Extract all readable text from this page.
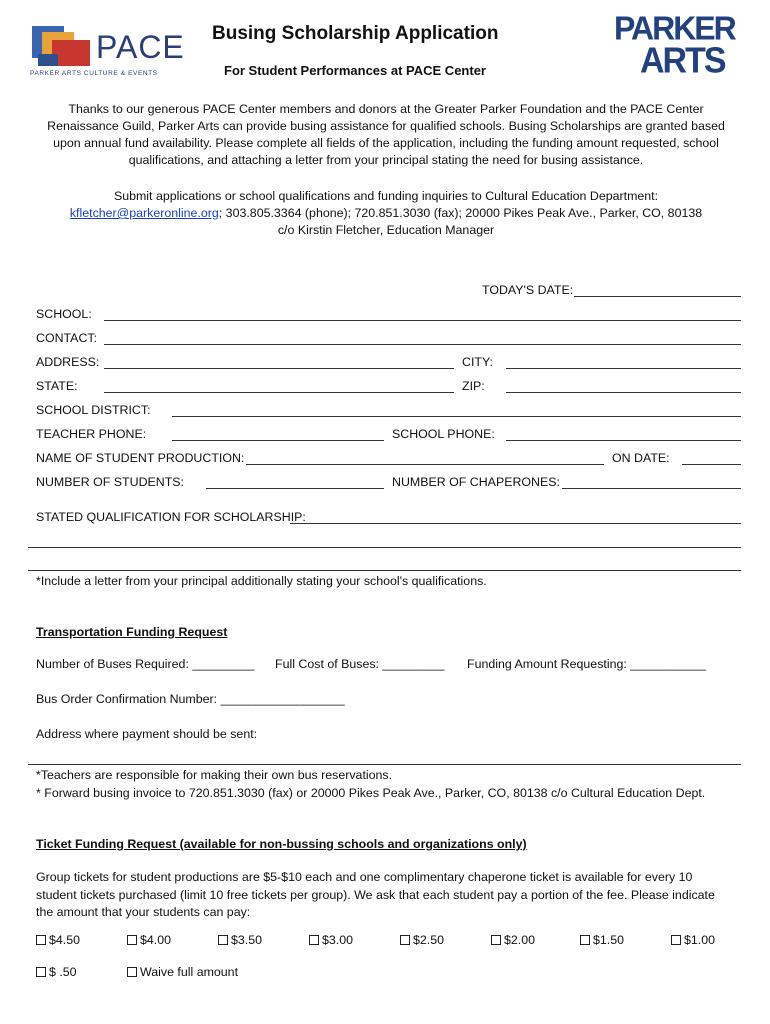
PACE
PARKER ARTS CULTURE & EVENTS
Busing Scholarship Application
For Student Performances at PACE Center
PARKER
ARTS
Thanks to our generous PACE Center members and donors at the Greater Parker Foundation and the PACE Center Renaissance Guild, Parker Arts can provide busing assistance for qualified schools. Busing Scholarships are granted based upon annual fund availability. Please complete all fields of the application, including the funding amount requested, school qualifications, and attaching a letter from your principal stating the need for busing assistance.
Submit applications or school qualifications and funding inquiries to Cultural Education Department:
kfletcher@parkeronline.org; 303.805.3364 (phone); 720.851.3030 (fax); 20000 Pikes Peak Ave., Parker, CO, 80138
c/o Kirstin Fletcher, Education Manager
TODAY'S DATE:
SCHOOL:
CONTACT:
ADDRESS:	CITY:
STATE:	ZIP:
SCHOOL DISTRICT:
TEACHER PHONE:	SCHOOL PHONE:
NAME OF STUDENT PRODUCTION:	ON DATE:
NUMBER OF STUDENTS:	NUMBER OF CHAPERONES:
STATED QUALIFICATION FOR SCHOLARSHIP:
*Include a letter from your principal additionally stating your school's qualifications.
Transportation Funding Request
Number of Buses Required: _________ Full Cost of Buses: _________ Funding Amount Requesting: ___________
Bus Order Confirmation Number: __________________
Address where payment should be sent:
*Teachers are responsible for making their own bus reservations.
* Forward busing invoice to 720.851.3030 (fax) or 20000 Pikes Peak Ave., Parker, CO, 80138 c/o Cultural Education Dept.
Ticket Funding Request (available for non-bussing schools and organizations only)
Group tickets for student productions are $5-$10 each and one complimentary chaperone ticket is available for every 10 student tickets purchased (limit 10 free tickets per group). We ask that each student pay a portion of the fee. Please indicate the amount that your students can pay:
$4.50	$4.00	$3.50	$3.00	$2.50	$2.00	$1.50	$1.00
$ .50	Waive full amount
